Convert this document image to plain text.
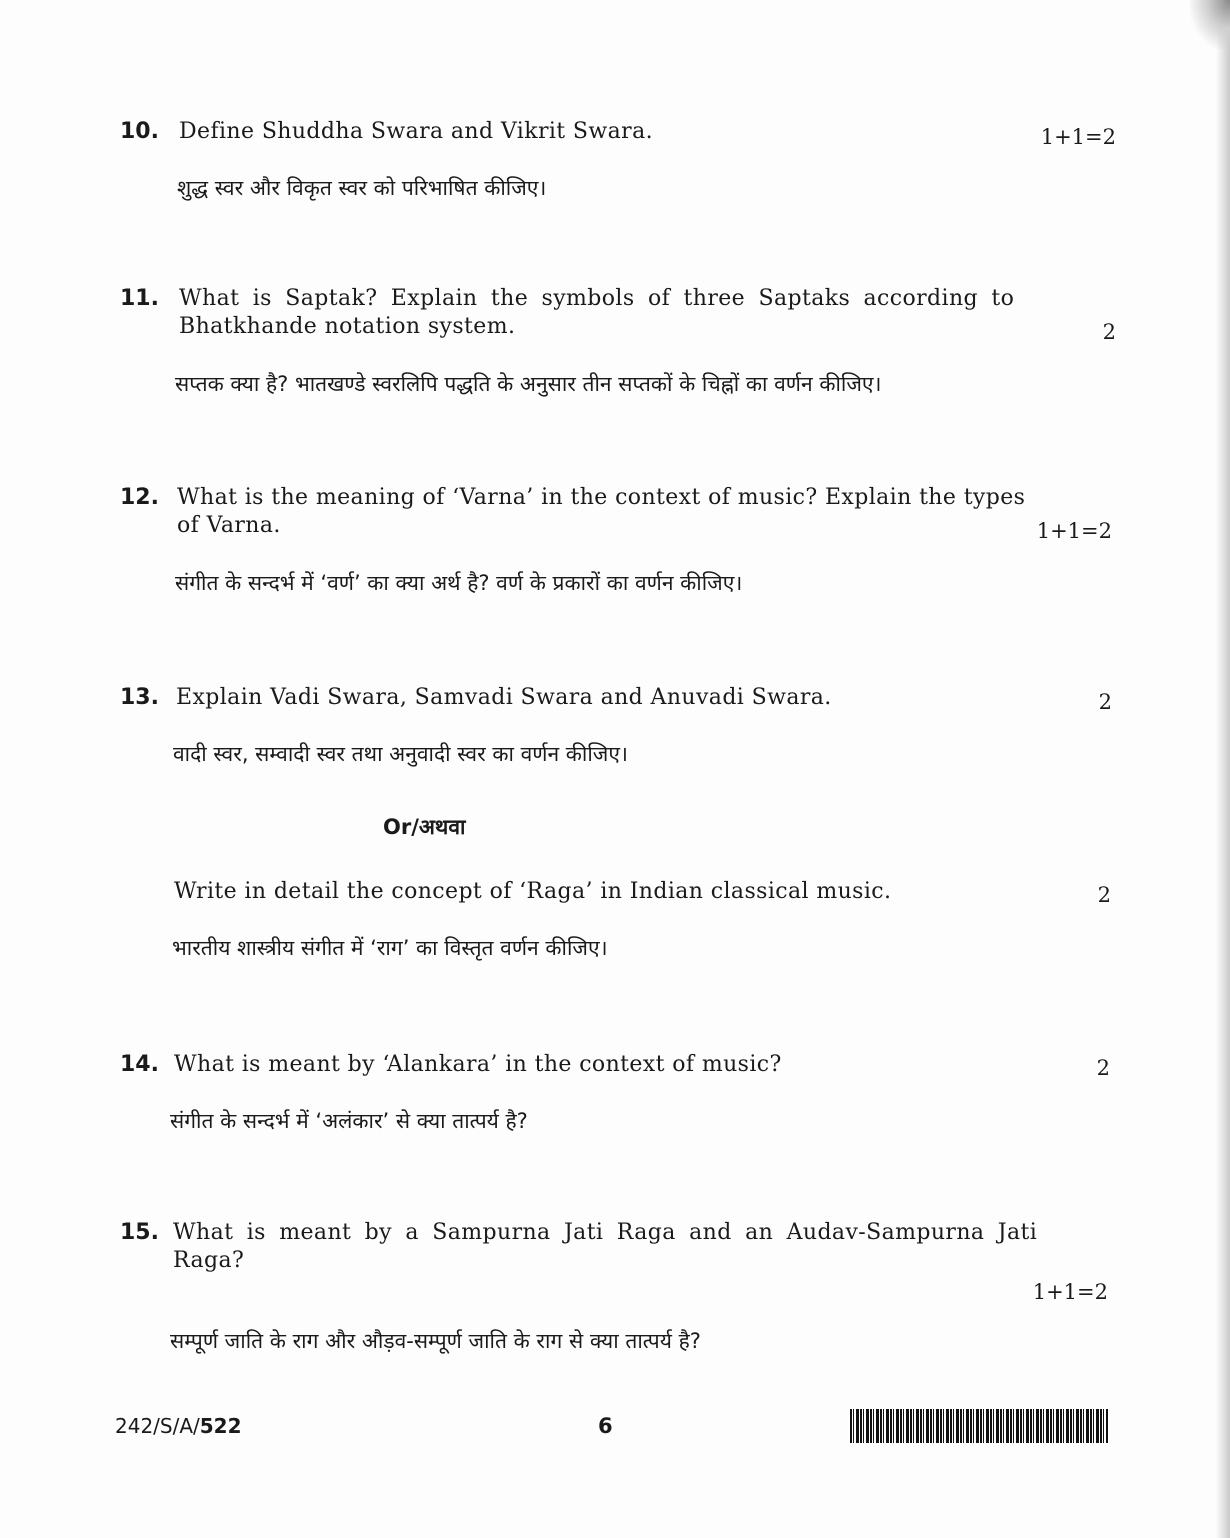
10. Define Shuddha Swara and Vikrit Swara.	1+1=2
शुद्ध स्वर और विकृत स्वर को परिभाषित कीजिए।
11. What is Saptak? Explain the symbols of three Saptaks according to
Bhatkhande notation system.	2
सप्तक क्या है? भातखण्डे स्वरलिपि पद्धति के अनुसार तीन सप्तकों के चिह्नों का वर्णन कीजिए।
12. What is the meaning of ‘Varna’ in the context of music? Explain the types
of Varna.	1+1=2
संगीत के सन्दर्भ में ‘वर्ण’ का क्या अर्थ है? वर्ण के प्रकारों का वर्णन कीजिए।
13. Explain Vadi Swara, Samvadi Swara and Anuvadi Swara.	2
वादी स्वर, सम्वादी स्वर तथा अनुवादी स्वर का वर्णन कीजिए।
Or/अथवा
Write in detail the concept of ‘Raga’ in Indian classical music.	2
भारतीय शास्त्रीय संगीत में ‘राग’ का विस्तृत वर्णन कीजिए।
14. What is meant by ‘Alankara’ in the context of music?	2
संगीत के सन्दर्भ में ‘अलंकार’ से क्या तात्पर्य है?
15. What is meant by a Sampurna Jati Raga and an Audav-Sampurna Jati
Raga?
1+1=2
सम्पूर्ण जाति के राग और औड़व-सम्पूर्ण जाति के राग से क्या तात्पर्य है?
242/S/A/522	6
